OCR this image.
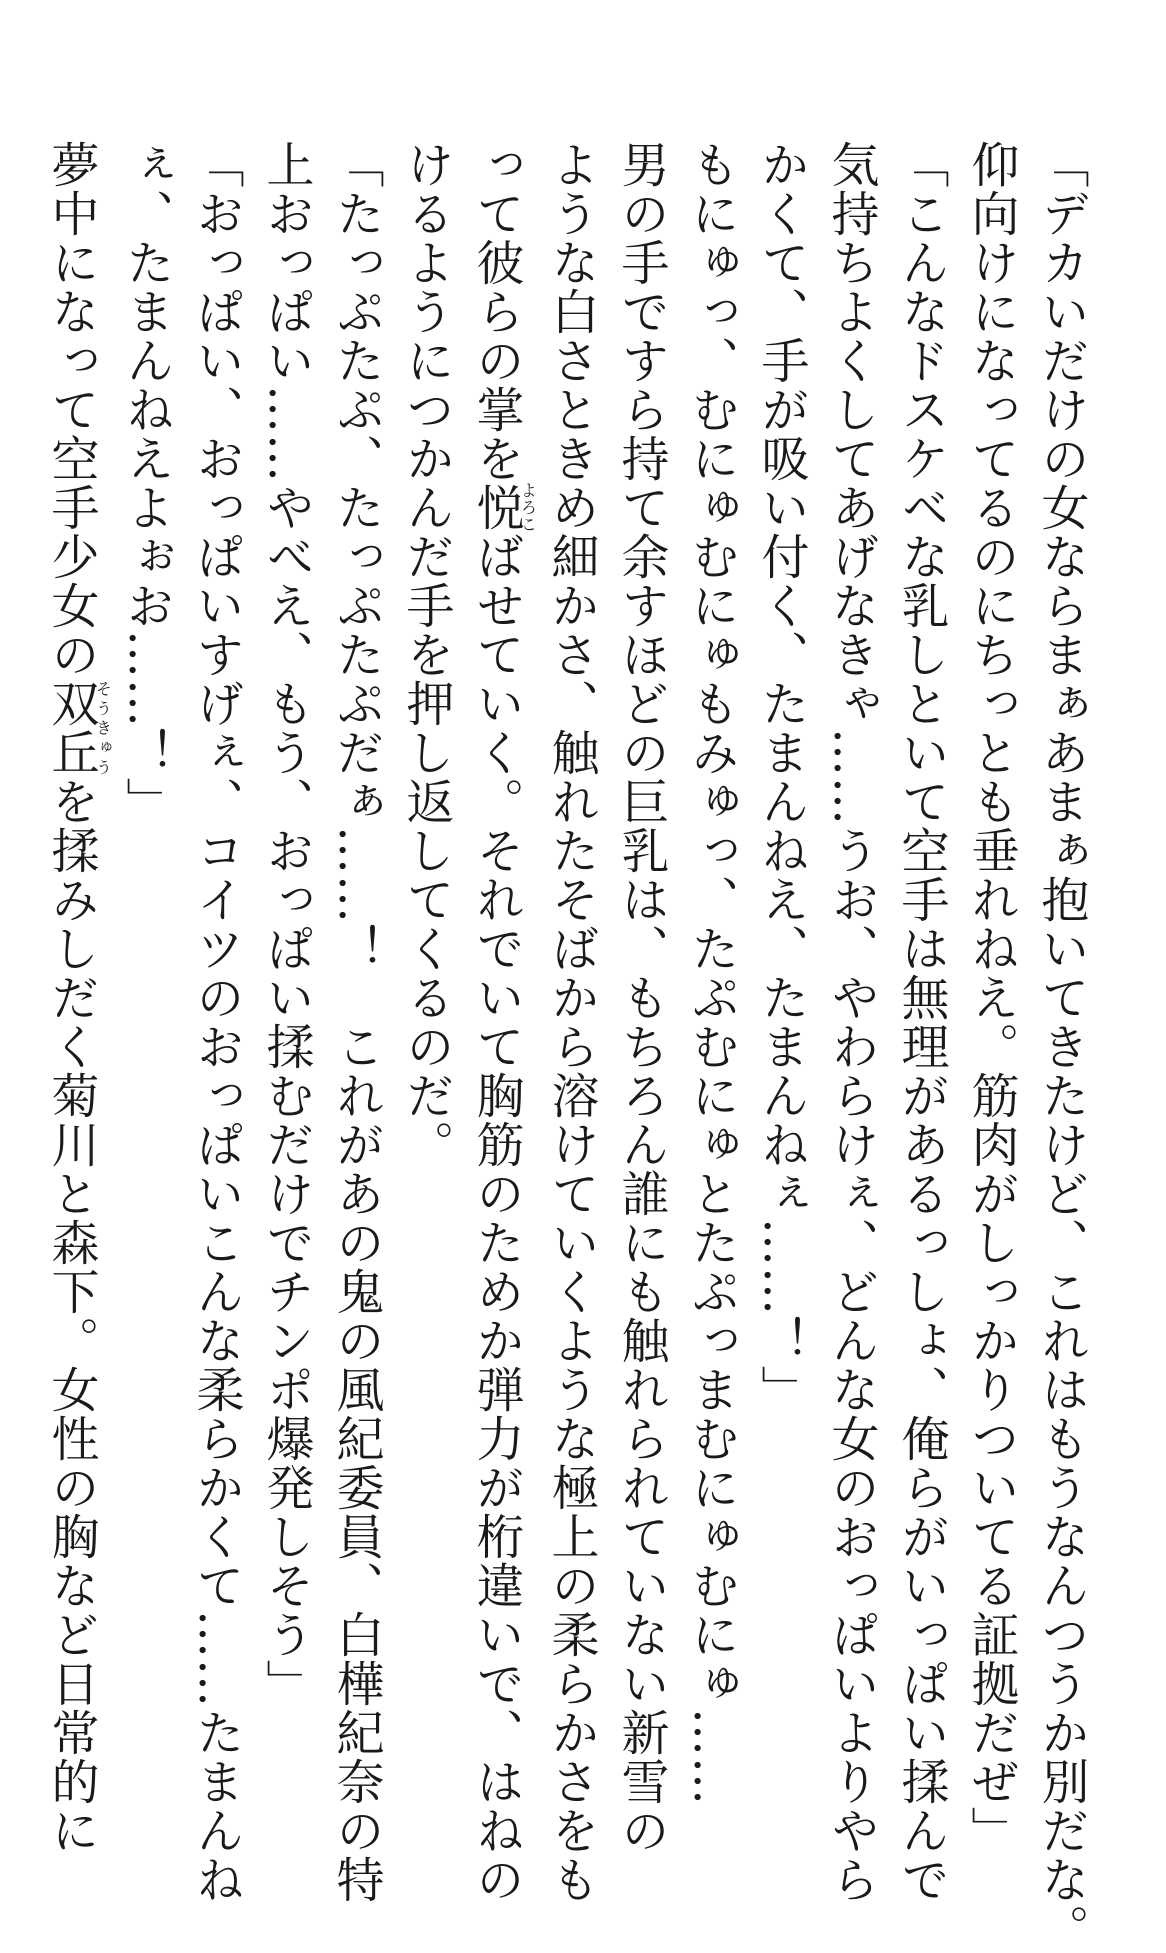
「デカいだけの女ならまぁあまぁ抱いてきたけど、これはもうなんつうか別だな。
仰向けになってるのにちっとも垂れねえ。筋肉がしっかりついてる証拠だぜ」
「こんなドスケベな乳しといて空手は無理があるっしょ、俺らがいっぱい揉んで
気持ちよくしてあげなきゃ……うお、やわらけぇ、どんな女のおっぱいよりやら
かくて、手が吸い付く、たまんねえ、たまんねぇ……！」
もにゅっ、むにゅむにゅもみゅっ、たぷむにゅとたぷっまむにゅむにゅ……
男の手ですら持て余すほどの巨乳は、もちろん誰にも触れられていない新雪の
ような白さときめ細かさ、触れたそばから溶けていくような極上の柔らかさをも
って彼らの掌を悦よろこばせていく。それでいて胸筋のためか弾力が桁違いで、はねの
けるようにつかんだ手を押し返してくるのだ。
「たっぷたぷ、たっぷたぷだぁ……！　これがあの鬼の風紀委員、白樺紀奈の特
上おっぱい……やべえ、もう、おっぱい揉むだけでチンポ爆発しそう」
「おっぱい、おっぱいすげぇ、コイツのおっぱいこんな柔らかくて……たまんね
ぇ、たまんねえよぉお……！」
夢中になって空手少女の双丘そうきゅうを揉みしだく菊川と森下。女性の胸など日常的に
